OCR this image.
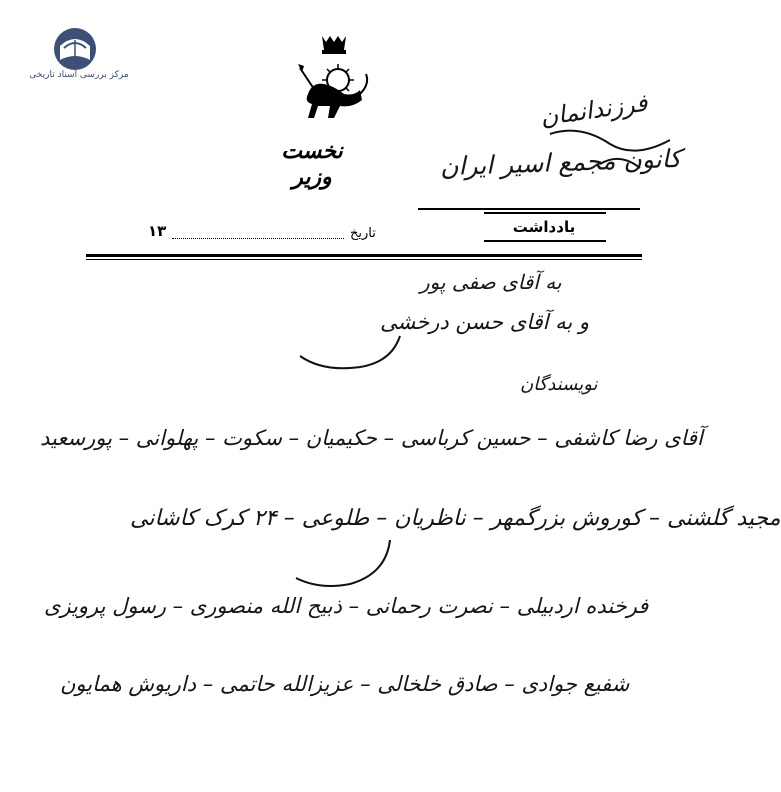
مرکز بررسی اسناد تاریخی
نخست وزیر
فرزندانمان
کانون مجمع اسیر ایران
یادداشت
تاریخ
۱۳
به آقای صفی پور
و به آقای حسن درخشی
نویسندگان
آقای رضا کاشفی – حسین کرباسی – حکیمیان – سکوت – پهلوانی – پورسعید
مجید گلشنی – کوروش بزرگمهر – ناظریان – طلوعی – ۲۴ کرک کاشانی
فرخنده اردبیلی – نصرت رحمانی – ذبیح الله منصوری – رسول پرویزی
شفیع جوادی – صادق خلخالی – عزیزالله حاتمی – داریوش همایون
